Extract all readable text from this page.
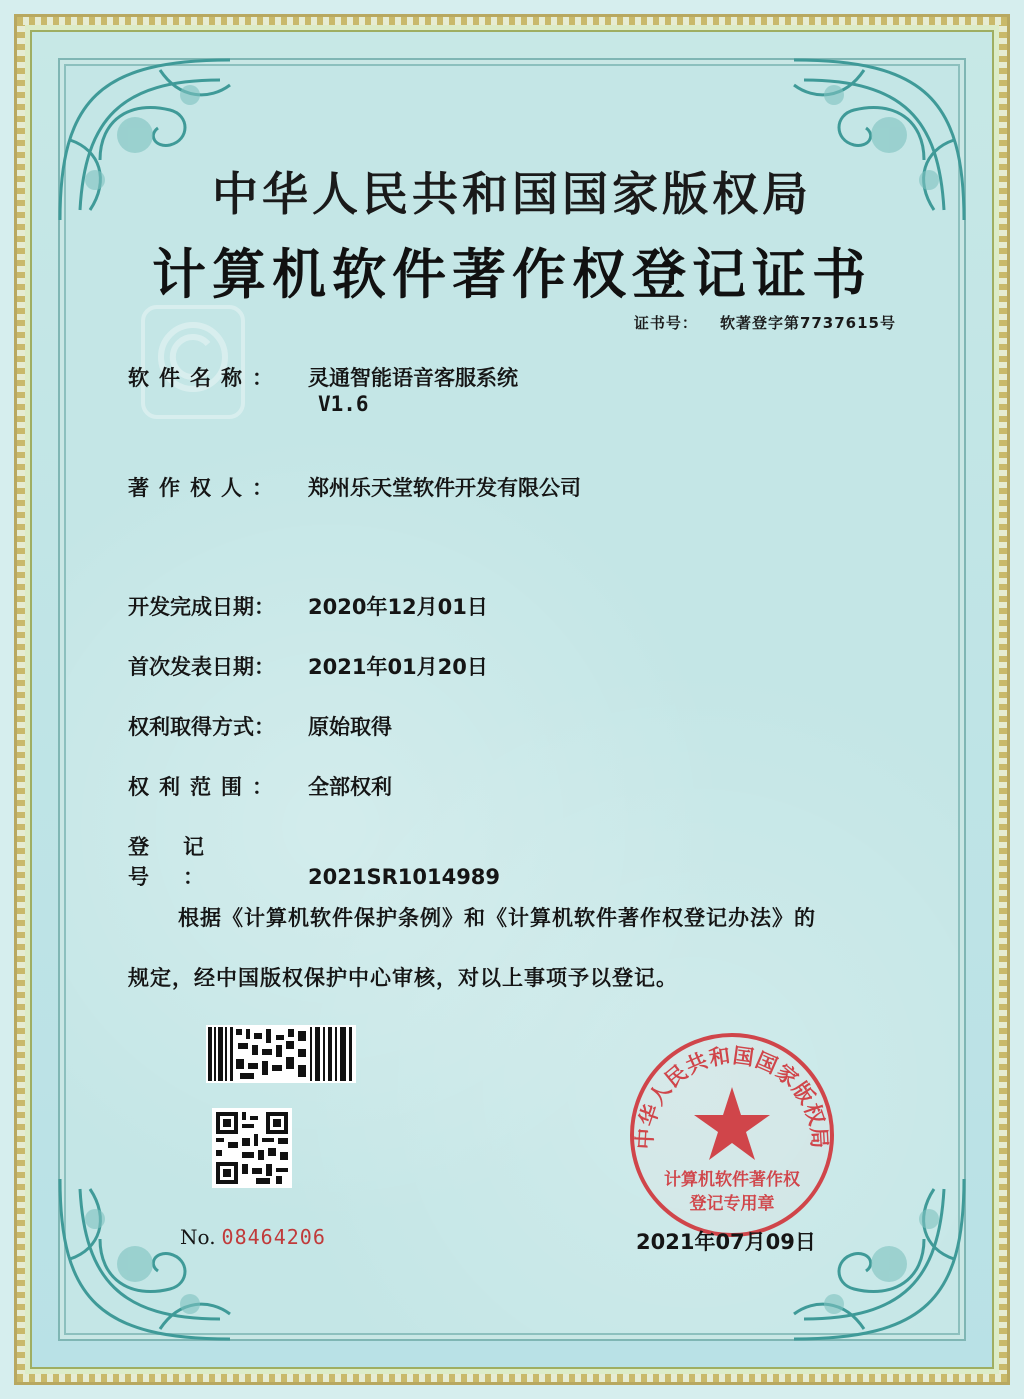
中华人民共和国国家版权局
计算机软件著作权登记证书
证书号： 软著登字第7737615号
软件名称： 灵通智能语音客服系统
V1.6
著作权人： 郑州乐天堂软件开发有限公司
开发完成日期： 2020年12月01日
首次发表日期： 2021年01月20日
权利取得方式： 原始取得
权利范围： 全部权利
登记号：	2021SR1014989
根据《计算机软件保护条例》和《计算机软件著作权登记办法》的
规定，经中国版权保护中心审核，对以上事项予以登记。
No. 08464206
中华人民共和国国家版权局
计算机软件著作权
登记专用章
2021年07月09日
